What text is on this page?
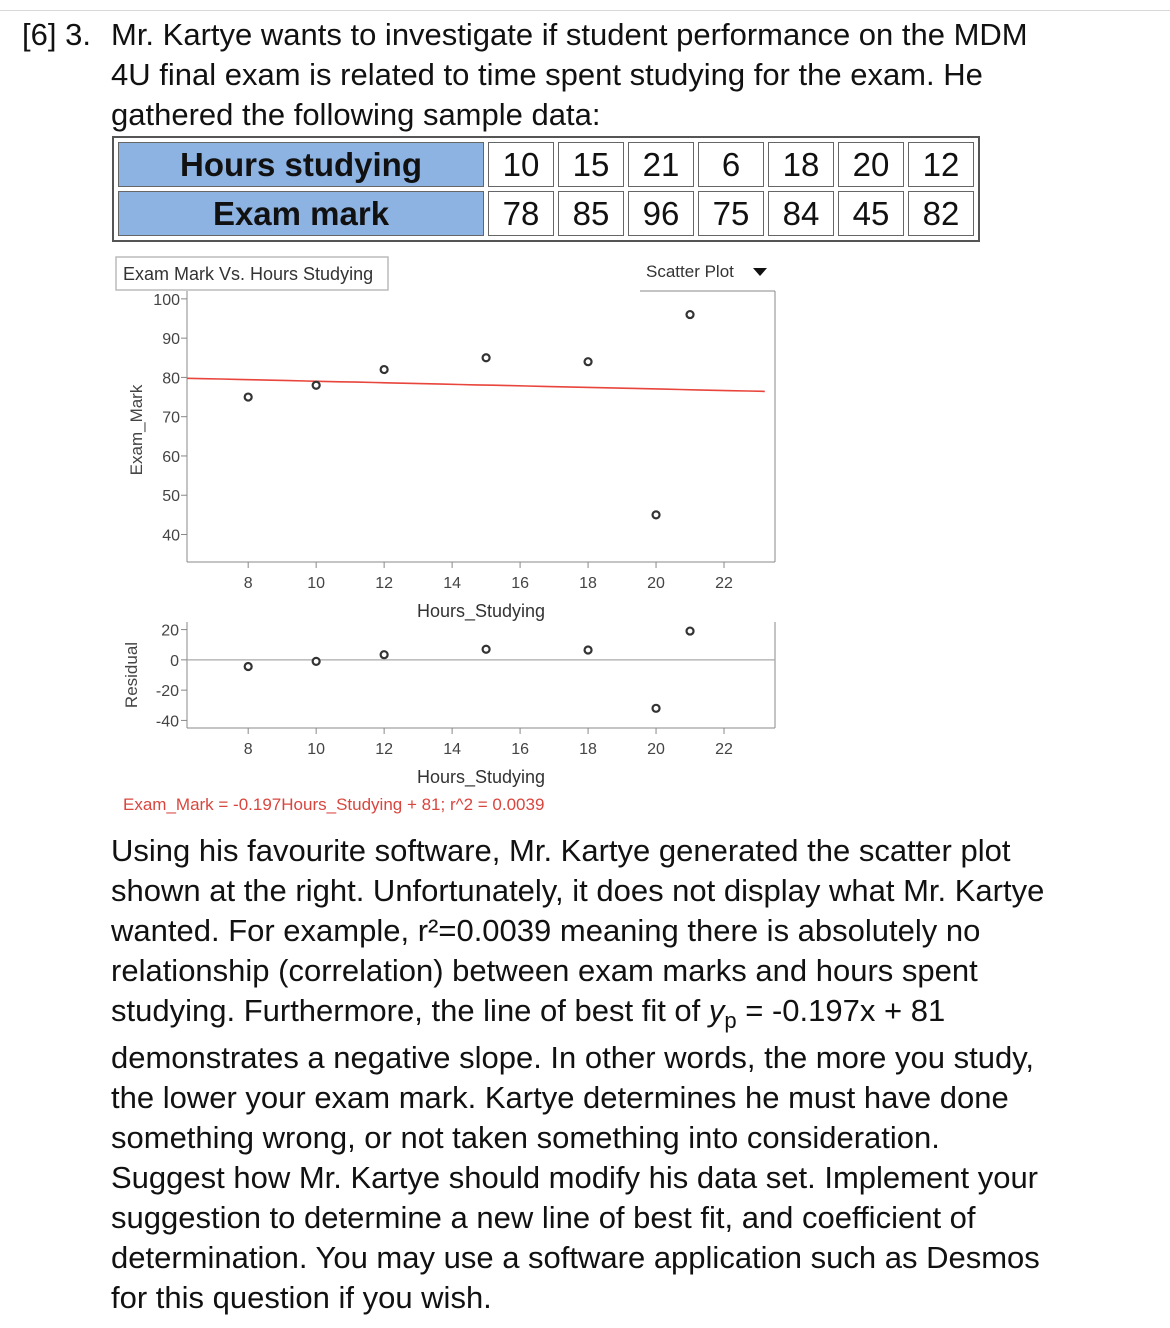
[6] 3. Mr. Kartye wants to investigate if student performance on the MDM
4U final exam is related to time spent studying for the exam. He
gathered the following sample data:
Hours studying	10	15	21	6	18	20	12
Exam mark	78	85	96	75	84	45	82
Exam Mark Vs. Hours Studying	Scatter Plot
40
50
60
70
80
90
100
8	10	12	14	16	18	20	22
Exam_Mark
Hours_Studying
-40
-20
0
20
8	10	12	14	16	18	20	22
Residual
Hours_Studying
Exam_Mark = -0.197Hours_Studying + 81; r^2 = 0.0039
Using his favourite software, Mr. Kartye generated the scatter plot
shown at the right. Unfortunately, it does not display what Mr. Kartye
wanted. For example, r²=0.0039 meaning there is absolutely no
relationship (correlation) between exam marks and hours spent
studying. Furthermore, the line of best fit of $y_p = -0.197x + 81$
demonstrates a negative slope. In other words, the more you study,
the lower your exam mark. Kartye determines he must have done
something wrong, or not taken something into consideration.
Suggest how Mr. Kartye should modify his data set. Implement your
suggestion to determine a new line of best fit, and coefficient of
determination. You may use a software application such as Desmos
for this question if you wish.
